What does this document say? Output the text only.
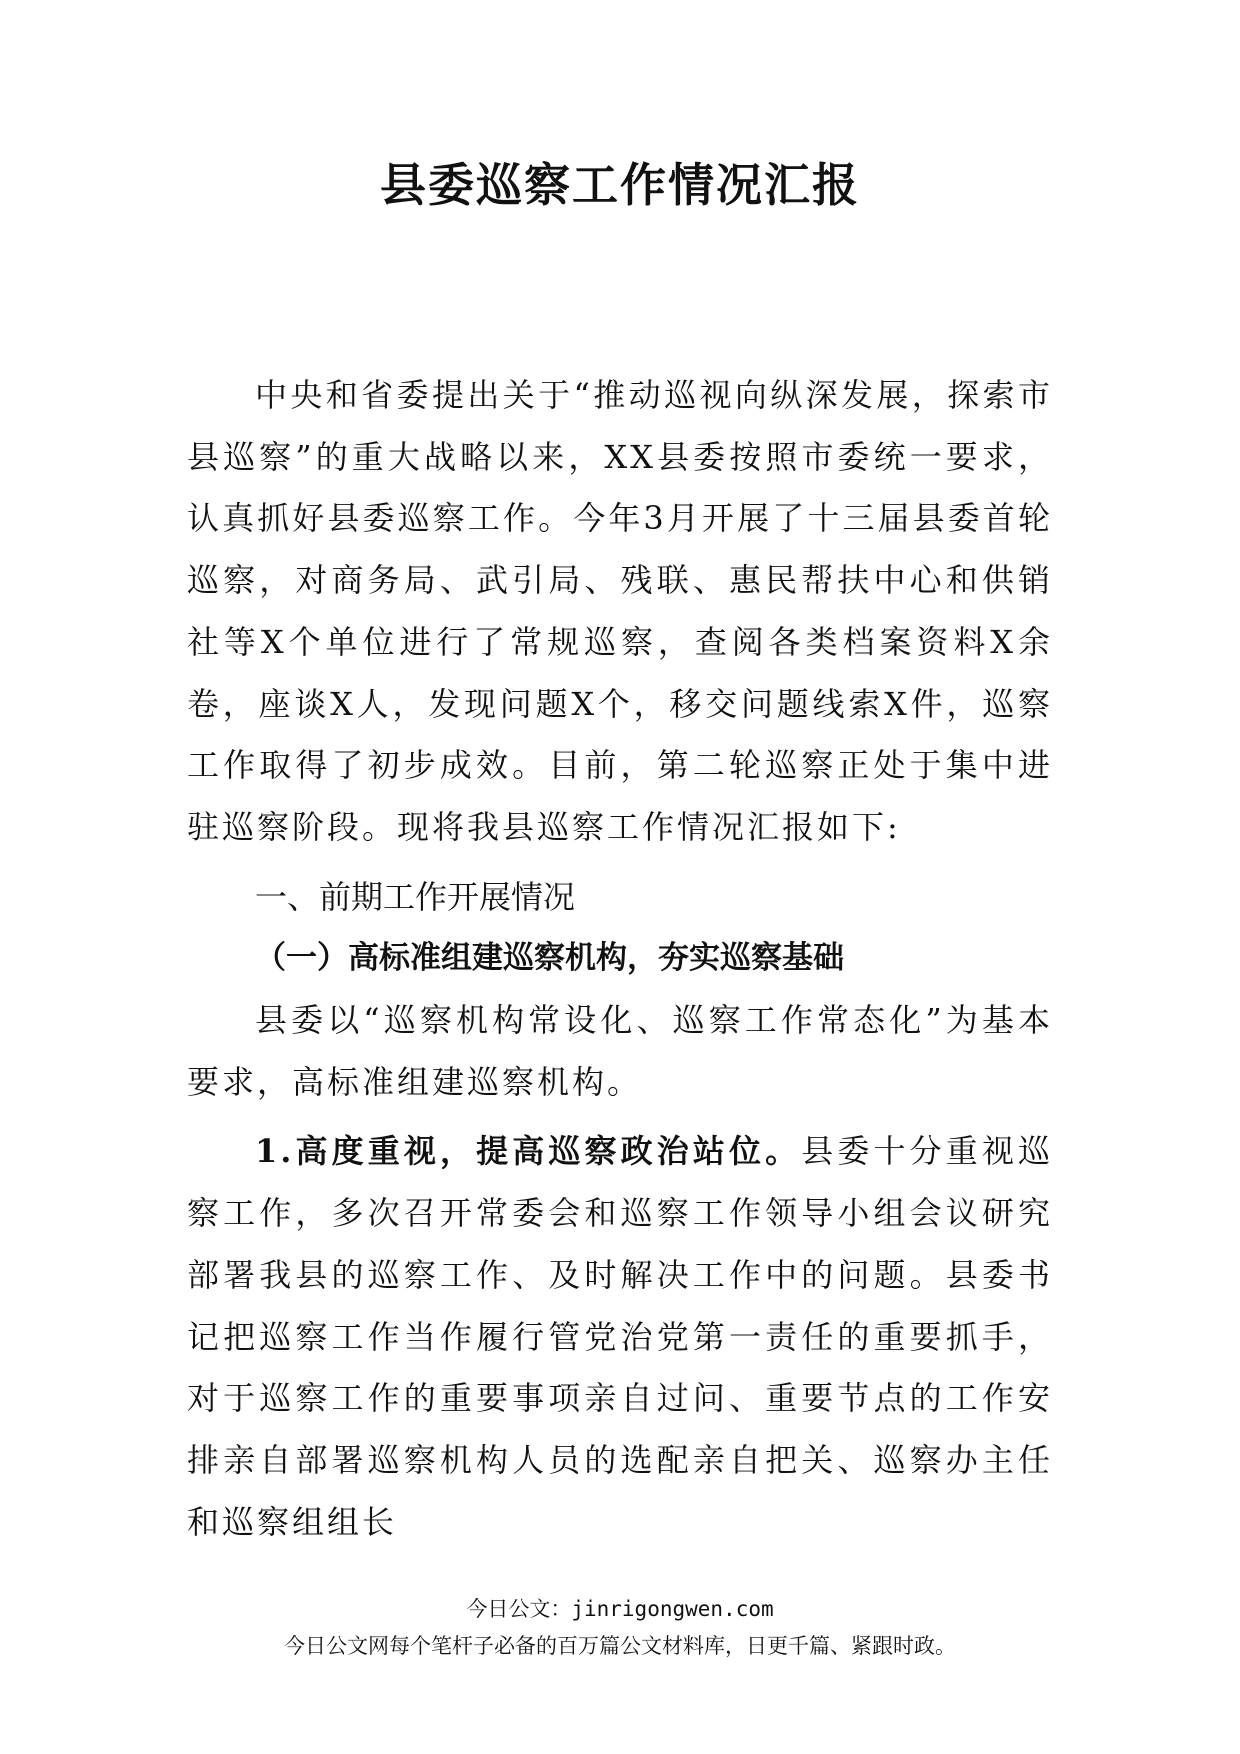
县委巡察工作情况汇报

中央和省委提出关于“推动巡视向纵深发展，探索市县巡察”的重大战略以来，XX县委按照市委统一要求，认真抓好县委巡察工作。今年3月开展了十三届县委首轮巡察，对商务局、武引局、残联、惠民帮扶中心和供销社等X个单位进行了常规巡察，查阅各类档案资料X余卷，座谈X人，发现问题X个，移交问题线索X件，巡察工作取得了初步成效。目前，第二轮巡察正处于集中进驻巡察阶段。现将我县巡察工作情况汇报如下:

一、前期工作开展情况

（一）高标准组建巡察机构，夯实巡察基础

县委以“巡察机构常设化、巡察工作常态化”为基本要求，高标准组建巡察机构。

1.高度重视，提高巡察政治站位。县委十分重视巡察工作，多次召开常委会和巡察工作领导小组会议研究部署我县的巡察工作、及时解决工作中的问题。县委书记把巡察工作当作履行管党治党第一责任的重要抓手，对于巡察工作的重要事项亲自过问、重要节点的工作安排亲自部署巡察机构人员的选配亲自把关、巡察办主任和巡察组组长

今日公文：jinrigongwen.com
今日公文网每个笔杆子必备的百万篇公文材料库，日更千篇、紧跟时政。
